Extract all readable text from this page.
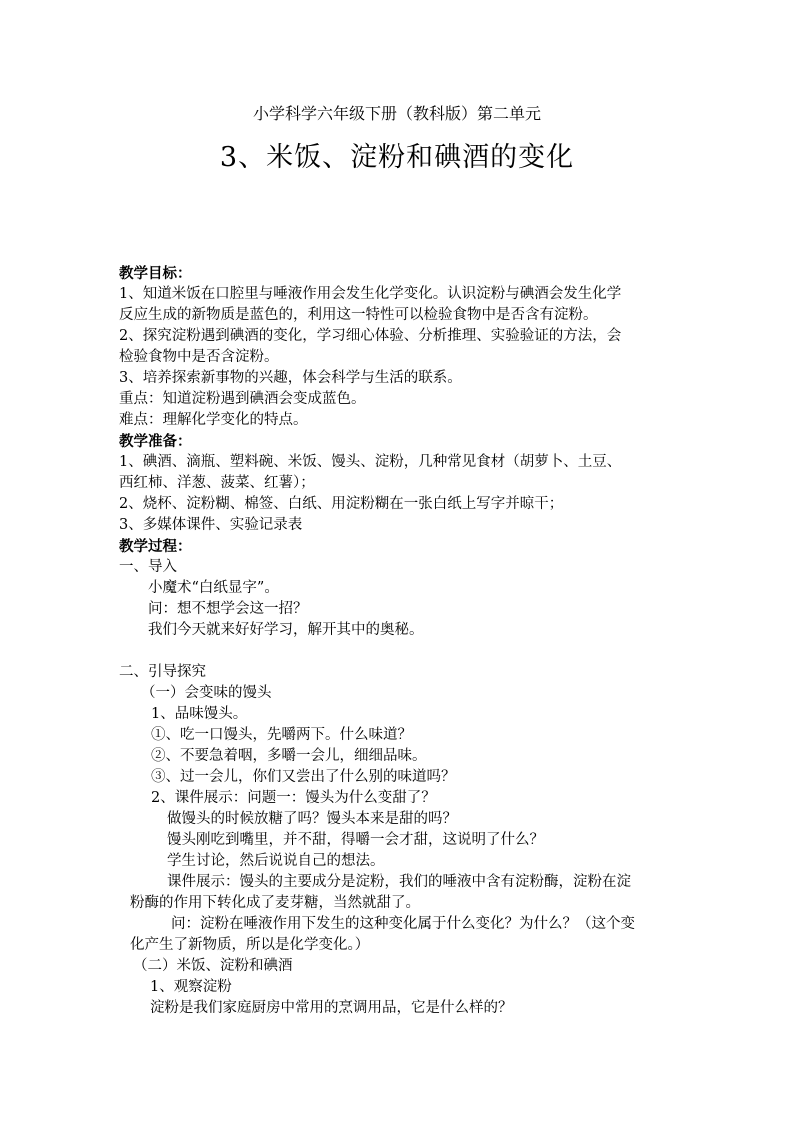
小学科学六年级下册（教科版）第二单元
3、米饭、淀粉和碘酒的变化
教学目标：
1、知道米饭在口腔里与唾液作用会发生化学变化。认识淀粉与碘酒会发生化学
反应生成的新物质是蓝色的，利用这一特性可以检验食物中是否含有淀粉。
2、探究淀粉遇到碘酒的变化，学习细心体验、分析推理、实验验证的方法，会
检验食物中是否含淀粉。
3、培养探索新事物的兴趣，体会科学与生活的联系。
重点：知道淀粉遇到碘酒会变成蓝色。
难点：理解化学变化的特点。
教学准备：
1、碘酒、滴瓶、塑料碗、米饭、馒头、淀粉，几种常见食材（胡萝卜、土豆、
西红柿、洋葱、菠菜、红薯）；
2、烧杯、淀粉糊、棉签、白纸、用淀粉糊在一张白纸上写字并晾干；
3、多媒体课件、实验记录表
教学过程：
一、导入
小魔术“白纸显字”。
问：想不想学会这一招？
我们今天就来好好学习，解开其中的奥秘。
二、引导探究
（一）会变味的馒头
1、品味馒头。
①、吃一口馒头，先嚼两下。什么味道？
②、不要急着咽，多嚼一会儿，细细品味。
③、过一会儿，你们又尝出了什么别的味道吗？
2、课件展示：问题一：馒头为什么变甜了？
做馒头的时候放糖了吗？馒头本来是甜的吗？
馒头刚吃到嘴里，并不甜，得嚼一会才甜，这说明了什么？
学生讨论，然后说说自己的想法。
课件展示：馒头的主要成分是淀粉，我们的唾液中含有淀粉酶，淀粉在淀
粉酶的作用下转化成了麦芽糖，当然就甜了。
问：淀粉在唾液作用下发生的这种变化属于什么变化？为什么？（这个变
化产生了新物质，所以是化学变化。）
（二）米饭、淀粉和碘酒
1、观察淀粉
淀粉是我们家庭厨房中常用的烹调用品，它是什么样的？
